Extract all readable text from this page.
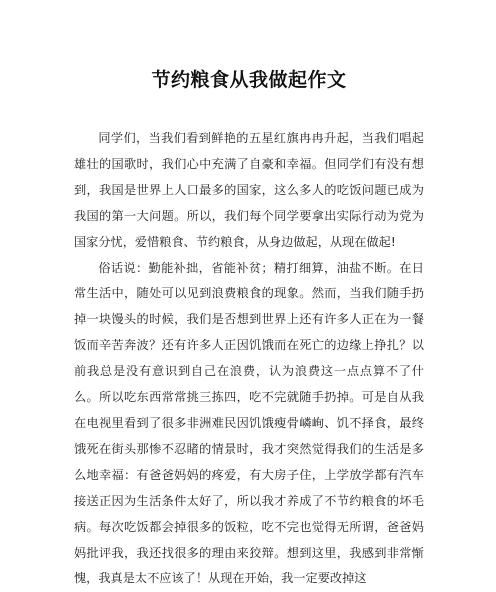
节约粮食从我做起作文

同学们，当我们看到鲜艳的五星红旗冉冉升起，当我们唱起雄壮的国歌时，我们心中充满了自豪和幸福。但同学们有没有想到，我国是世界上人口最多的国家，这么多人的吃饭问题已成为我国的第一大问题。所以，我们每个同学要拿出实际行动为党为国家分忧，爱惜粮食、节约粮食，从身边做起，从现在做起!

俗话说：勤能补拙，省能补贫；精打细算，油盐不断。在日常生活中，随处可以见到浪费粮食的现象。然而，当我们随手扔掉一块馒头的时候，我们是否想到世界上还有许多人正在为一餐饭而辛苦奔波？还有许多人正因饥饿而在死亡的边缘上挣扎？以前我总是没有意识到自己在浪费，认为浪费这一点点算不了什么。所以吃东西常常挑三拣四，吃不完就随手扔掉。可是自从我在电视里看到了很多非洲难民因饥饿瘦骨嶙峋、饥不择食，最终饿死在街头那惨不忍睹的情景时，我才突然觉得我们的生活是多么地幸福：有爸爸妈妈的疼爱，有大房子住，上学放学都有汽车接送正因为生活条件太好了，所以我才养成了不节约粮食的坏毛病。每次吃饭都会掉很多的饭粒，吃不完也觉得无所谓，爸爸妈妈批评我，我还找很多的理由来狡辩。想到这里，我感到非常惭愧，我真是太不应该了！从现在开始，我一定要改掉这
